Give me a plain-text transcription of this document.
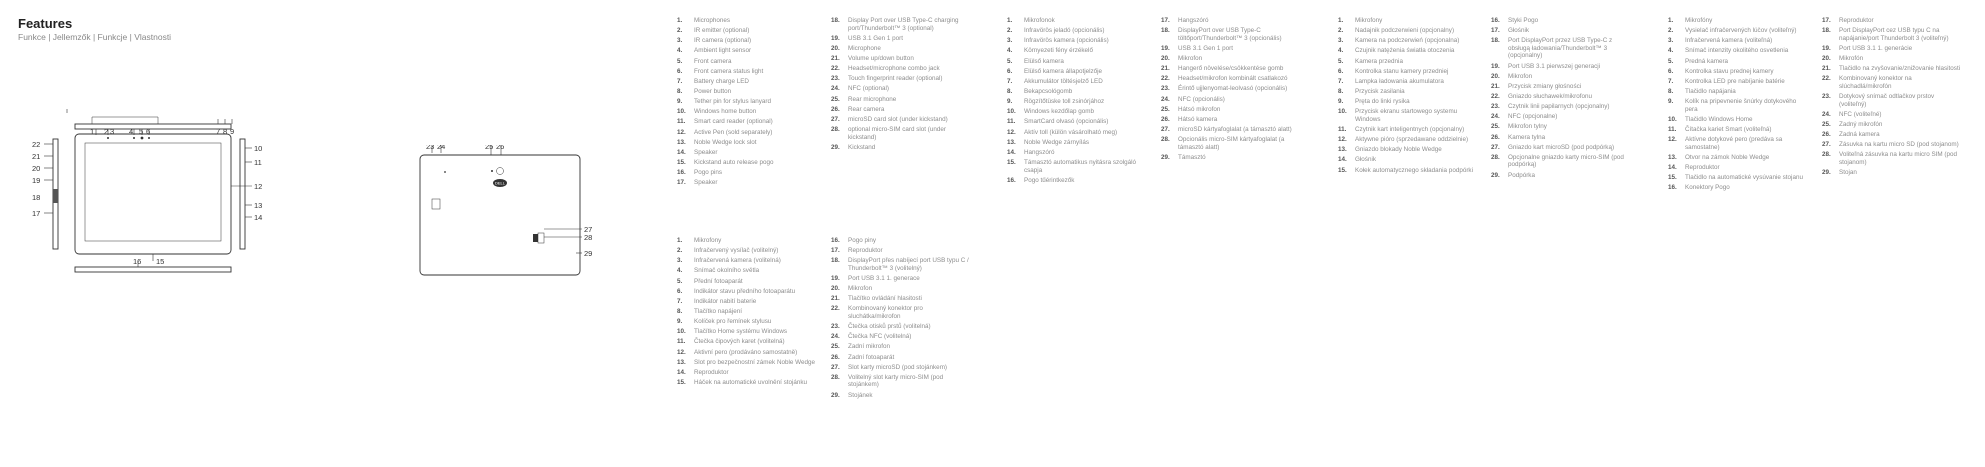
Features
Funkce | Jellemzők | Funkcje | Vlastnosti
1 2 3 4 5 6	7 8 9
10
11
12
13
14
15
16
17
19
20
21
22
18
DELL
23 24	25 26
27
28
29
1. Microphones
2. IR emitter (optional)
3. IR camera (optional)
4. Ambient light sensor
5. Front camera
6. Front camera status light
7. Battery charge LED
8. Power button
9. Tether pin for stylus lanyard
10. Windows home button
11. Smart card reader (optional)
12. Active Pen (sold separately)
13. Noble Wedge lock slot
14. Speaker
15. Kickstand auto release pogo
16. Pogo pins
17. Speaker
18. Display Port over USB Type-C charging port/Thunderbolt™ 3 (optional)
19. USB 3.1 Gen 1 port
20. Microphone
21. Volume up/down button
22. Headset/microphone combo jack
23. Touch fingerprint reader (optional)
24. NFC (optional)
25. Rear microphone
26. Rear camera
27. microSD card slot (under kickstand)
28. optional micro-SIM card slot (under kickstand)
29. Kickstand
1. Mikrofony
2. Infračervený vysílač (volitelný)
3. Infračervená kamera (volitelná)
4. Snímač okolního světla
5. Přední fotoaparát
6. Indikátor stavu předního fotoaparátu
7. Indikátor nabití baterie
8. Tlačítko napájení
9. Kolíček pro řemínek stylusu
10. Tlačítko Home systému Windows
11. Čtečka čipových karet (volitelná)
12. Aktivní pero (prodáváno samostatně)
13. Slot pro bezpečnostní zámek Noble Wedge
14. Reproduktor
15. Háček na automatické uvolnění stojánku
16. Pogo piny
17. Reproduktor
18. DisplayPort přes nabíjecí port USB typu C / Thunderbolt™ 3 (volitelný)
19. Port USB 3.1 1. generace
20. Mikrofon
21. Tlačítko ovládání hlasitosti
22. Kombinovaný konektor pro sluchátka/mikrofon
23. Čtečka otisků prstů (volitelná)
24. Čtečka NFC (volitelná)
25. Zadní mikrofon
26. Zadní fotoaparát
27. Slot karty microSD (pod stojánkem)
28. Volitelný slot karty micro-SIM (pod stojánkem)
29. Stojánek
1. Mikrofonok
2. Infravörös jeladó (opcionális)
3. Infravörös kamera (opcionális)
4. Környezeti fény érzékelő
5. Elülső kamera
6. Elülső kamera állapotjelzője
7. Akkumulátor töltésjelző LED
8. Bekapcsológomb
9. Rögzítőtüske toll zsinórjához
10. Windows kezdőlap gomb
11. SmartCard olvasó (opcionális)
12. Aktív toll (külön vásárolható meg)
13. Noble Wedge zárnyílás
14. Hangszóró
15. Támasztó automatikus nyitásra szolgáló csapja
16. Pogo tűérintkezők
17. Hangszóró
18. DisplayPort over USB Type-C töltőport/Thunderbolt™ 3 (opcionális)
19. USB 3.1 Gen 1 port
20. Mikrofon
21. Hangerő növelése/csökkentése gomb
22. Headset/mikrofon kombinált csatlakozó
23. Érintő ujjlenyomat-leolvasó (opcionális)
24. NFC (opcionális)
25. Hátsó mikrofon
26. Hátsó kamera
27. microSD kártyafoglalat (a támasztó alatt)
28. Opcionális micro-SIM kártyafoglalat (a támasztó alatt)
29. Támasztó
1. Mikrofony
2. Nadajnik podczerwieni (opcjonalny)
3. Kamera na podczerwień (opcjonalna)
4. Czujnik natężenia światła otoczenia
5. Kamera przednia
6. Kontrolka stanu kamery przedniej
7. Lampka ładowania akumulatora
8. Przycisk zasilania
9. Pręta do linki rysika
10. Przycisk ekranu startowego systemu Windows
11. Czytnik kart inteligentnych (opcjonalny)
12. Aktywne pióro (sprzedawane oddzielnie)
13. Gniazdo blokady Noble Wedge
14. Głośnik
15. Kołek automatycznego składania podpórki
16. Styki Pogo
17. Głośnik
18. Port DisplayPort przez USB Type-C z obsługą ładowania/Thunderbolt™ 3 (opcjonalny)
19. Port USB 3.1 pierwszej generacji
20. Mikrofon
21. Przycisk zmiany głośności
22. Gniazdo słuchawek/mikrofonu
23. Czytnik linii papilarnych (opcjonalny)
24. NFC (opcjonalne)
25. Mikrofon tylny
26. Kamera tylna
27. Gniazdo kart microSD (pod podpórką)
28. Opcjonalne gniazdo karty micro-SIM (pod podpórką)
29. Podpórka
1. Mikrofóny
2. Vysielač infračervených lúčov (voliteľný)
3. Infračervená kamera (voliteľná)
4. Snímač intenzity okolitého osvetlenia
5. Predná kamera
6. Kontrolka stavu prednej kamery
7. Kontrolka LED pre nabíjanie batérie
8. Tlačidlo napájania
9. Kolík na pripevnenie šnúrky dotykového pera
10. Tlačidlo Windows Home
11. Čítačka kariet Smart (voliteľná)
12. Aktívne dotykové pero (predáva sa samostatne)
13. Otvor na zámok Noble Wedge
14. Reproduktor
15. Tlačidlo na automatické vysúvanie stojanu
16. Konektory Pogo
17. Reproduktor
18. Port DisplayPort cez USB typu C na napájanie/port Thunderbolt 3 (voliteľný)
19. Port USB 3.1 1. generácie
20. Mikrofón
21. Tlačidlo na zvyšovanie/znižovanie hlasitosti
22. Kombinovaný konektor na slúchadlá/mikrofón
23. Dotykový snímač odtlačkov prstov (voliteľný)
24. NFC (voliteľné)
25. Zadný mikrofón
26. Zadná kamera
27. Zásuvka na kartu micro SD (pod stojanom)
28. Voliteľná zásuvka na kartu micro SIM (pod stojanom)
29. Stojan
